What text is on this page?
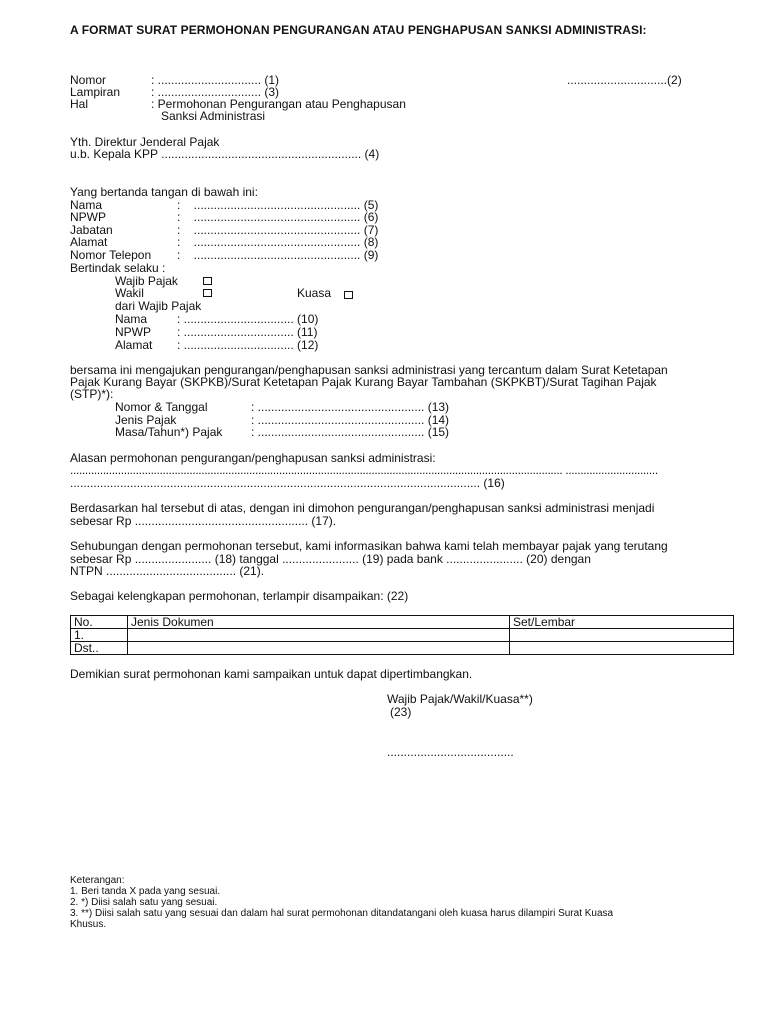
A FORMAT SURAT PERMOHONAN PENGURANGAN ATAU PENGHAPUSAN SANKSI ADMINISTRASI:
Nomor	: ............................... (1)	..............................(2)
Lampiran	: ............................... (3)
Hal	: Permohonan Pengurangan atau Penghapusan
Sanksi Administrasi
Yth. Direktur Jenderal Pajak
u.b. Kepala KPP ............................................................ (4)
Yang bertanda tangan di bawah ini:
Nama	:    .................................................. (5)
NPWP	:    .................................................. (6)
Jabatan	:    .................................................. (7)
Alamat	:    .................................................. (8)
Nomor Telepon :    .................................................. (9)
Bertindak selaku :
Wajib Pajak
Wakil	Kuasa
dari Wajib Pajak
Nama : ................................. (10)
NPWP : ................................. (11)
Alamat : ................................. (12)
bersama ini mengajukan pengurangan/penghapusan sanksi administrasi yang tercantum dalam Surat Ketetapan
Pajak Kurang Bayar (SKPKB)/Surat Ketetapan Pajak Kurang Bayar Tambahan (SKPKBT)/Surat Tagihan Pajak
(STP)*):
Nomor & Tanggal	: .................................................. (13)
Jenis Pajak	: .................................................. (14)
Masa/Tahun*) Pajak : .................................................. (15)
Alasan permohonan pengurangan/penghapusan sanksi administrasi:
..................................................................................................................................................................... ...............................
........................................................................................................................... (16)
Berdasarkan hal tersebut di atas, dengan ini dimohon pengurangan/penghapusan sanksi administrasi menjadi
sebesar Rp .................................................... (17).
Sehubungan dengan permohonan tersebut, kami informasikan bahwa kami telah membayar pajak yang terutang
sebesar Rp ....................... (18) tanggal ....................... (19) pada bank ....................... (20) dengan
NTPN ....................................... (21).
Sebagai kelengkapan permohonan, terlampir disampaikan: (22)
No.	Jenis Dokumen	Set/Lembar
1.		
Dst..		
Demikian surat permohonan kami sampaikan untuk dapat dipertimbangkan.
Wajib Pajak/Wakil/Kuasa**)
(23)
......................................
Keterangan:
1. Beri tanda X pada yang sesuai.
2. *) Diisi salah satu yang sesuai.
3. **) Diisi salah satu yang sesuai dan dalam hal surat permohonan ditandatangani oleh kuasa harus dilampiri Surat Kuasa
Khusus.
